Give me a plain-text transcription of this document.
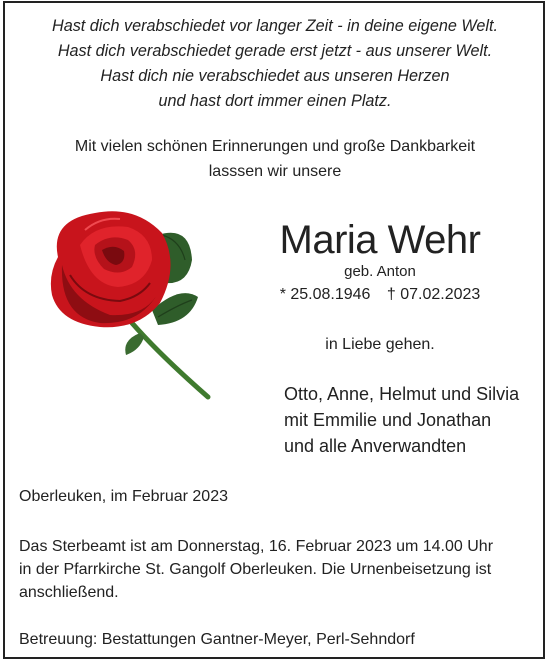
Hast dich verabschiedet vor langer Zeit - in deine eigene Welt.
Hast dich verabschiedet gerade erst jetzt - aus unserer Welt.
Hast dich nie verabschiedet aus unseren Herzen
und hast dort immer einen Platz.
Mit vielen schönen Erinnerungen und große Dankbarkeit
lasssen wir unsere
Maria Wehr
geb. Anton
* 25.08.1946 † 07.02.2023
in Liebe gehen.
Otto, Anne, Helmut und Silvia
mit Emmilie und Jonathan
und alle Anverwandten
Oberleuken, im Februar 2023
Das Sterbeamt ist am Donnerstag, 16. Februar 2023 um 14.00 Uhr
in der Pfarrkirche St. Gangolf Oberleuken. Die Urnenbeisetzung ist
anschließend.
Betreuung: Bestattungen Gantner-Meyer, Perl-Sehndorf
